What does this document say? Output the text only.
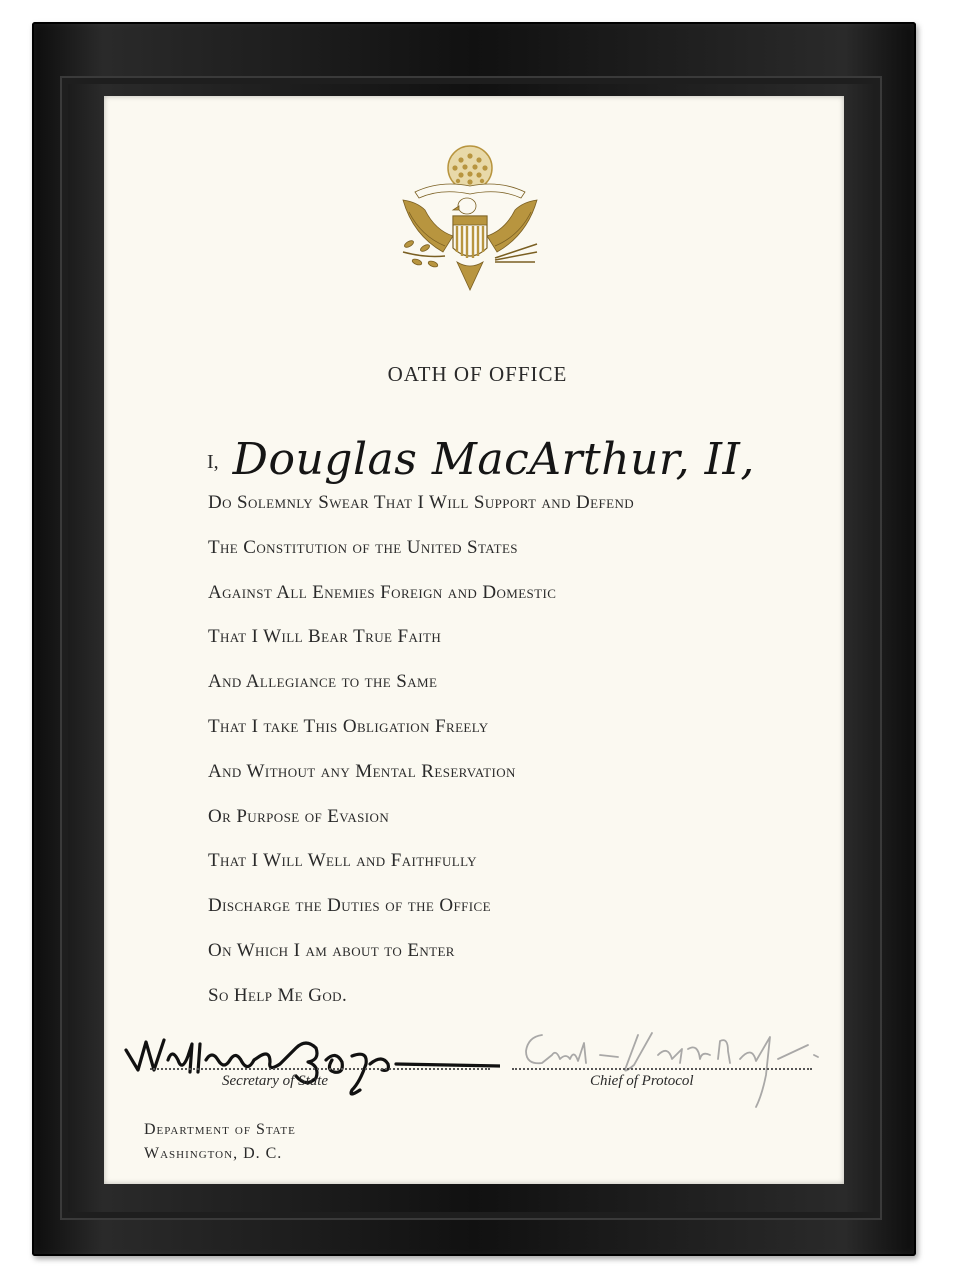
OATH OF OFFICE
I, Douglas MacArthur, II,
Do Solemnly Swear That I Will Support and Defend
The Constitution of the United States
Against All Enemies Foreign and Domestic
That I Will Bear True Faith
And Allegiance to the Same
That I take This Obligation Freely
And Without any Mental Reservation
Or Purpose of Evasion
That I Will Well and Faithfully
Discharge the Duties of the Office
On Which I am about to Enter
So Help Me God.
Secretary of State	Chief of Protocol
Department of State
Washington, D. C.
